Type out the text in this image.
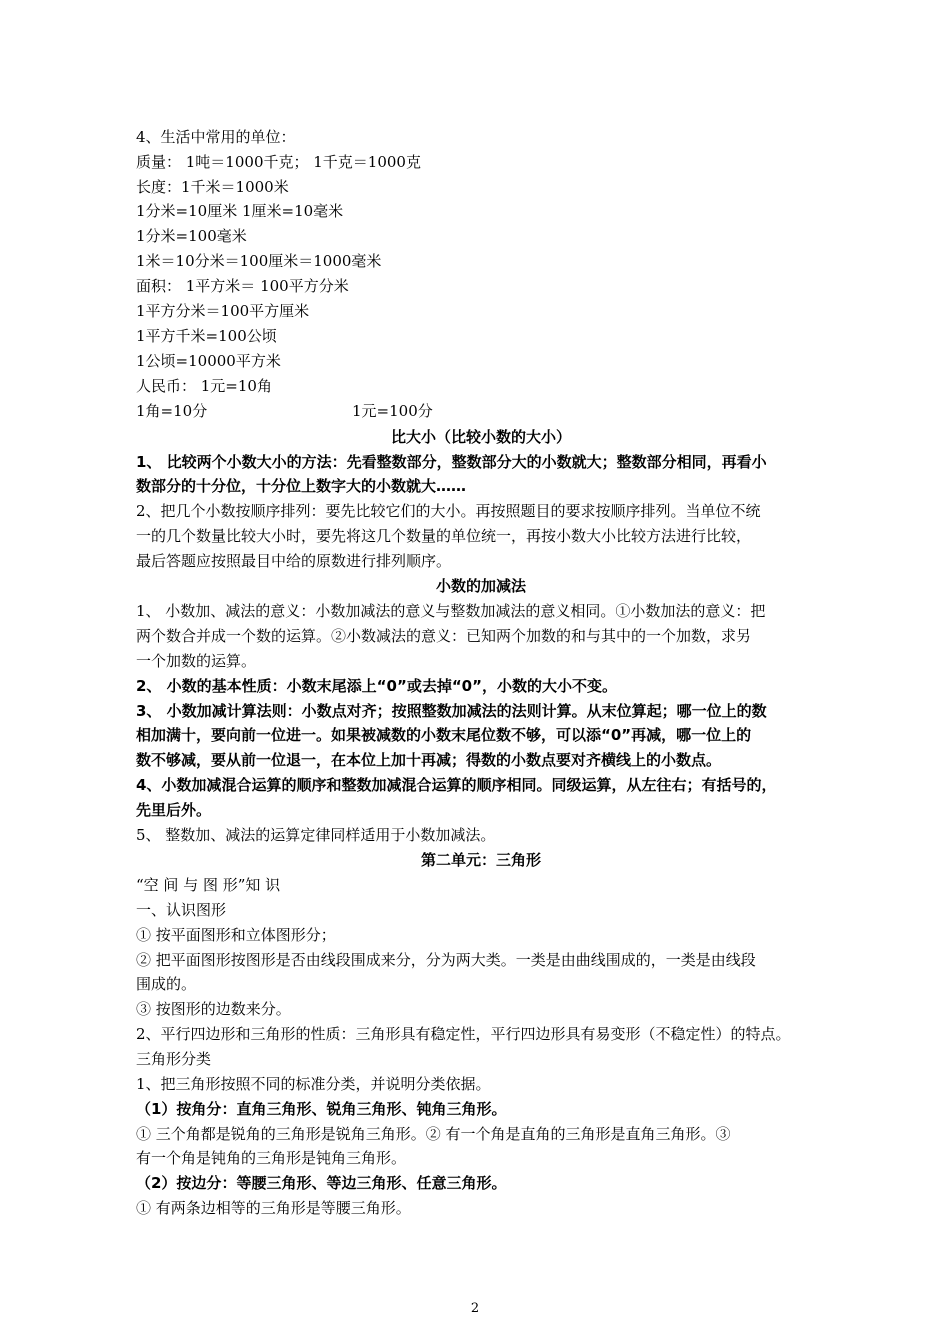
4、生活中常用的单位：
质量： 1吨＝1000千克； 1千克＝1000克
长度：1千米＝1000米
1分米=10厘米 1厘米=10毫米
1分米=100毫米
1米＝10分米＝100厘米＝1000毫米
面积： 1平方米＝ 100平方分米
1平方分米＝100平方厘米
1平方千米=100公顷
1公顷=10000平方米
人民币： 1元=10角
1角=10分	1元=100分
比大小（比较小数的大小）
1、 比较两个小数大小的方法：先看整数部分，整数部分大的小数就大；整数部分相同，再看小
数部分的十分位，十分位上数字大的小数就大……
2、把几个小数按顺序排列：要先比较它们的大小。再按照题目的要求按顺序排列。当单位不统
一的几个数量比较大小时，要先将这几个数量的单位统一，再按小数大小比较方法进行比较，
最后答题应按照最目中给的原数进行排列顺序。
小数的加减法
1、 小数加、减法的意义：小数加减法的意义与整数加减法的意义相同。①小数加法的意义：把
两个数合并成一个数的运算。②小数减法的意义：已知两个加数的和与其中的一个加数，求另
一个加数的运算。
2、 小数的基本性质：小数末尾添上“0”或去掉“0”，小数的大小不变。
3、 小数加减计算法则：小数点对齐；按照整数加减法的法则计算。从末位算起；哪一位上的数
相加满十，要向前一位进一。如果被减数的小数末尾位数不够，可以添“0”再减，哪一位上的
数不够减，要从前一位退一，在本位上加十再减；得数的小数点要对齐横线上的小数点。
4、小数加减混合运算的顺序和整数加减混合运算的顺序相同。同级运算，从左往右；有括号的，
先里后外。
5、 整数加、减法的运算定律同样适用于小数加减法。
第二单元：三角形
“空 间 与 图 形”知 识
一、认识图形
① 按平面图形和立体图形分；
② 把平面图形按图形是否由线段围成来分，分为两大类。一类是由曲线围成的，一类是由线段
围成的。
③ 按图形的边数来分。
2、平行四边形和三角形的性质：三角形具有稳定性，平行四边形具有易变形（不稳定性）的特点。
三角形分类
1、把三角形按照不同的标准分类，并说明分类依据。
（1）按角分：直角三角形、锐角三角形、钝角三角形。
① 三个角都是锐角的三角形是锐角三角形。② 有一个角是直角的三角形是直角三角形。③
有一个角是钝角的三角形是钝角三角形。
（2）按边分：等腰三角形、等边三角形、任意三角形。
① 有两条边相等的三角形是等腰三角形。
2
